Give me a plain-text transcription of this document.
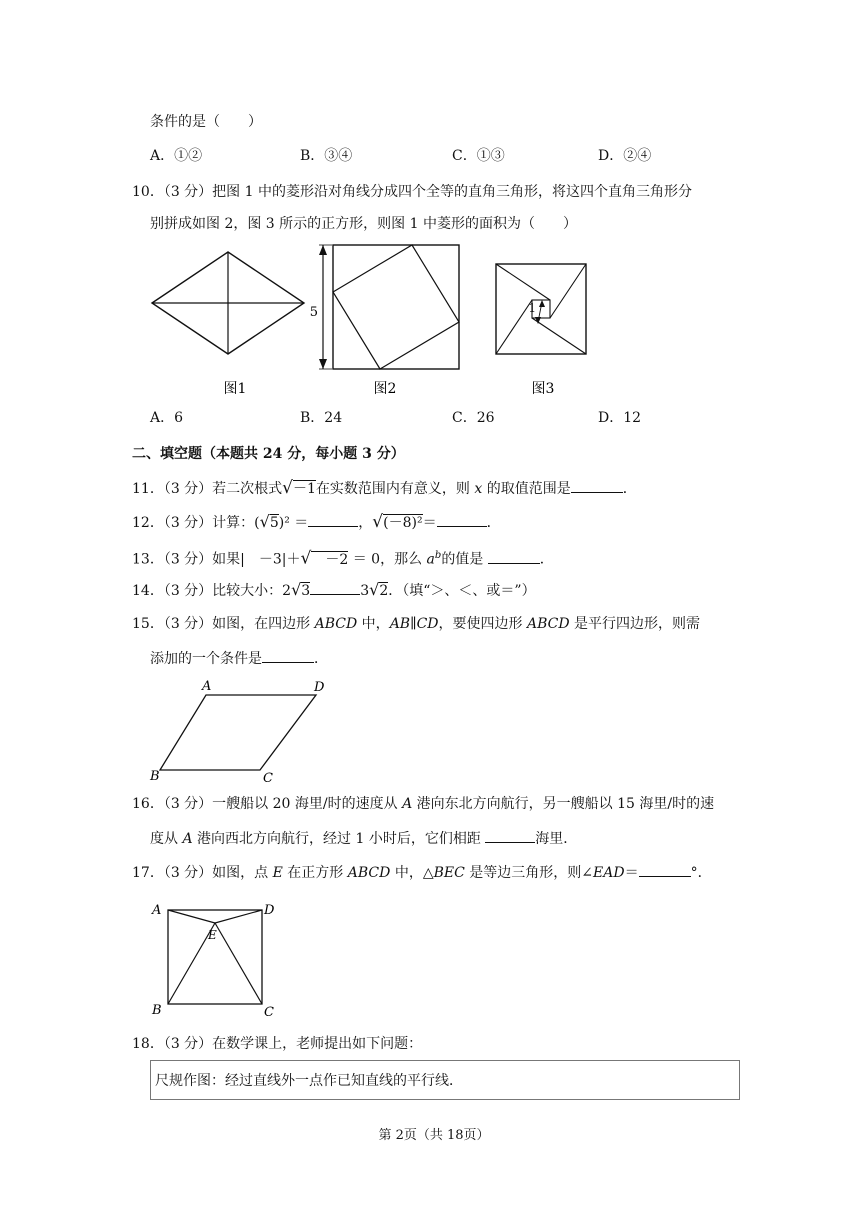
条件的是（　　）
A．①②	B．③④	C．①③	D．②④
10．（3 分）把图 1 中的菱形沿对角线分成四个全等的直角三角形，将这四个直角三角形分
别拼成如图 2，图 3 所示的正方形，则图 1 中菱形的面积为（　　）
5	1
图1	图2	图3
A．6	B．24	C．26	D．12
二、填空题（本题共 24 分，每小题 3 分）
11．（3 分）若二次根式√－1在实数范围内有意义，则 x 的取值范围是	．
12．（3 分）计算：(√5)² ＝	，√(－8)²＝	．
13．（3 分）如果|　－3|＋√　－2 ＝ 0，那么 $a^b$的值是	．
14．（3 分）比较大小：2√3	3√2．（填“＞、＜、或＝”）
15．（3 分）如图，在四边形 ABCD 中，AB∥CD，要使四边形 ABCD 是平行四边形，则需
添加的一个条件是	．
A	D
B	C
16．（3 分）一艘船以 20 海里/时的速度从 A 港向东北方向航行，另一艘船以 15 海里/时的速
度从 A 港向西北方向航行，经过 1 小时后，它们相距	海里．
17．（3 分）如图，点 E 在正方形 ABCD 中，△BEC 是等边三角形，则∠EAD＝	°．
A	D
B	C
E
18．（3 分）在数学课上，老师提出如下问题：
尺规作图：经过直线外一点作已知直线的平行线．
第 2页（共 18页）
